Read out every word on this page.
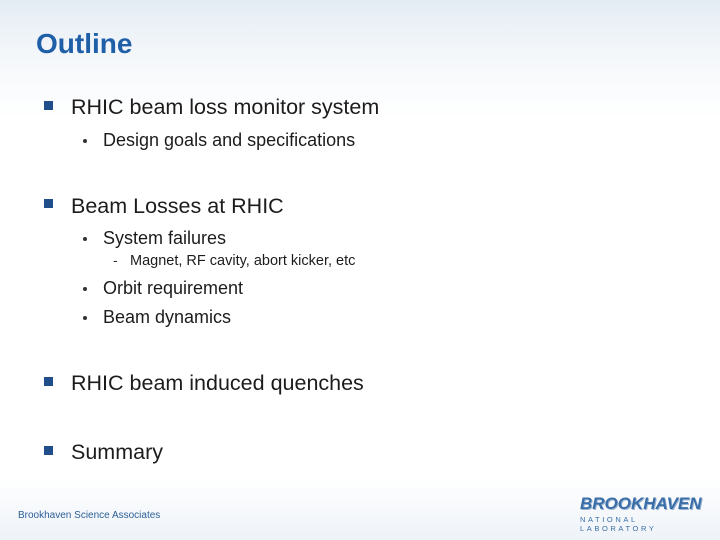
Outline
RHIC beam loss monitor system
Design goals and specifications
Beam Losses at RHIC
System failures
- Magnet, RF cavity, abort kicker, etc
Orbit requirement
Beam dynamics
RHIC beam induced quenches
Summary
Brookhaven Science Associates
BROOKHAVEN
NATIONAL LABORATORY
